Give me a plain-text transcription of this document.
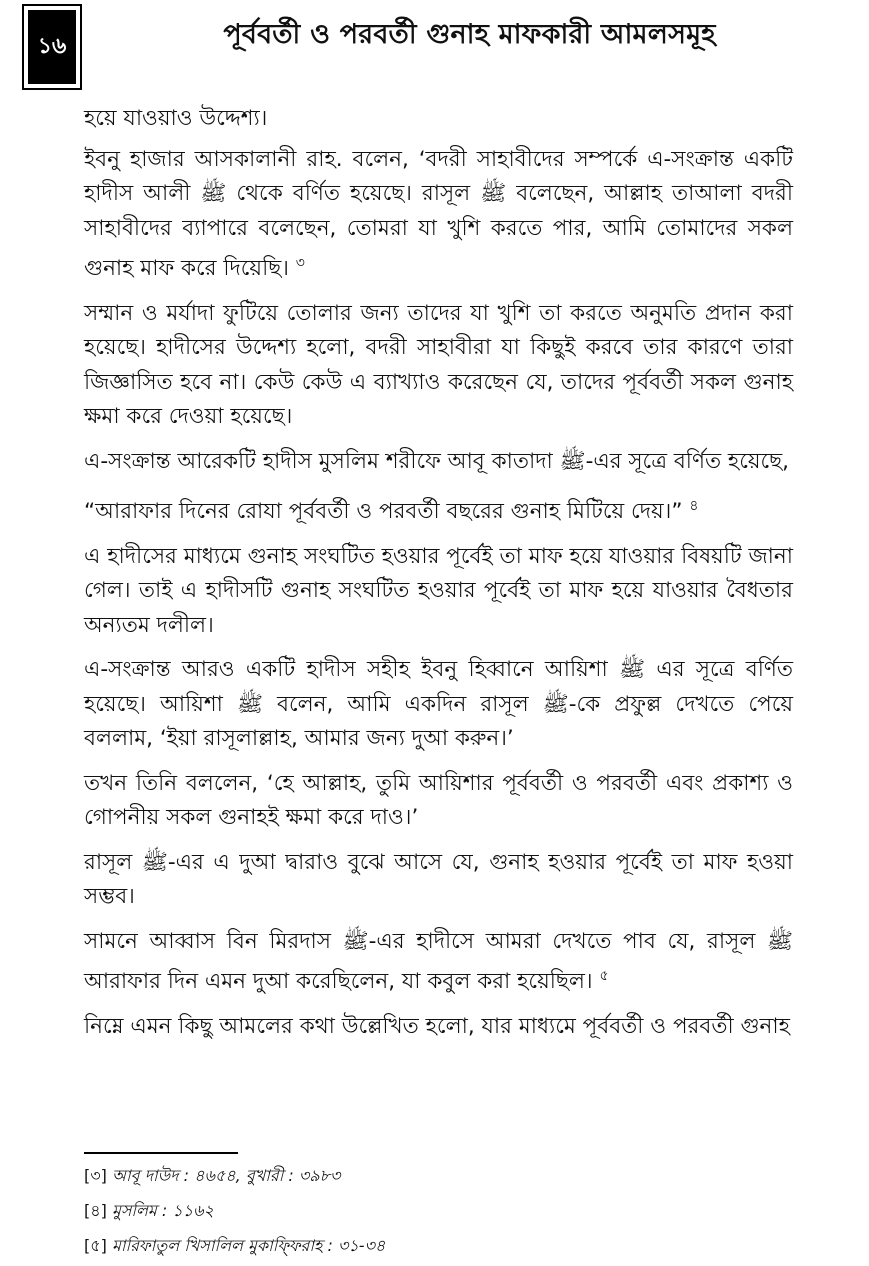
১৬	পূর্ববর্তী ও পরবর্তী গুনাহ মাফকারী আমলসমূহ

হয়ে যাওয়াও উদ্দেশ্য।

ইবনু হাজার আসকালানী রাহ. বলেন, ‘বদরী সাহাবীদের সম্পর্কে এ-সংক্রান্ত একটি হাদীস আলী ﷺ থেকে বর্ণিত হয়েছে। রাসূল ﷺ বলেছেন, আল্লাহ তাআলা বদরী সাহাবীদের ব্যাপারে বলেছেন, তোমরা যা খুশি করতে পার, আমি তোমাদের সকল গুনাহ মাফ করে দিয়েছি। $^৩$

সম্মান ও মর্যাদা ফুটিয়ে তোলার জন্য তাদের যা খুশি তা করতে অনুমতি প্রদান করা হয়েছে। হাদীসের উদ্দেশ্য হলো, বদরী সাহাবীরা যা কিছুই করবে তার কারণে তারা জিজ্ঞাসিত হবে না। কেউ কেউ এ ব্যাখ্যাও করেছেন যে, তাদের পূর্ববর্তী সকল গুনাহ ক্ষমা করে দেওয়া হয়েছে।

এ-সংক্রান্ত আরেকটি হাদীস মুসলিম শরীফে আবূ কাতাদা ﷺ-এর সূত্রে বর্ণিত হয়েছে,

“আরাফার দিনের রোযা পূর্ববর্তী ও পরবর্তী বছরের গুনাহ মিটিয়ে দেয়।” $^৪$

এ হাদীসের মাধ্যমে গুনাহ সংঘটিত হওয়ার পূর্বেই তা মাফ হয়ে যাওয়ার বিষয়টি জানা গেল। তাই এ হাদীসটি গুনাহ সংঘটিত হওয়ার পূর্বেই তা মাফ হয়ে যাওয়ার বৈধতার অন্যতম দলীল।

এ-সংক্রান্ত আরও একটি হাদীস সহীহ ইবনু হিব্বানে আয়িশা ﷺ এর সূত্রে বর্ণিত হয়েছে। আয়িশা ﷺ বলেন, আমি একদিন রাসূল ﷺ-কে প্রফুল্ল দেখতে পেয়ে বললাম, ‘ইয়া রাসূলাল্লাহ, আমার জন্য দুআ করুন।’

তখন তিনি বললেন, ‘হে আল্লাহ, তুমি আয়িশার পূর্ববর্তী ও পরবর্তী এবং প্রকাশ্য ও গোপনীয় সকল গুনাহই ক্ষমা করে দাও।’

রাসূল ﷺ-এর এ দুআ দ্বারাও বুঝে আসে যে, গুনাহ হওয়ার পূর্বেই তা মাফ হওয়া সম্ভব।

সামনে আব্বাস বিন মিরদাস ﷺ-এর হাদীসে আমরা দেখতে পাব যে, রাসূল ﷺ আরাফার দিন এমন দুআ করেছিলেন, যা কবুল করা হয়েছিল। $^৫$

নিম্নে এমন কিছু আমলের কথা উল্লেখিত হলো, যার মাধ্যমে পূর্ববর্তী ও পরবর্তী গুনাহ

[৩] আবূ দাউদ : ৪৬৫৪, বুখারী : ৩৯৮৩
[৪] মুসলিম : ১১৬২
[৫] মারিফাতুল খিসালিল মুকাফ্ফিরাহ : ৩১-৩৪
